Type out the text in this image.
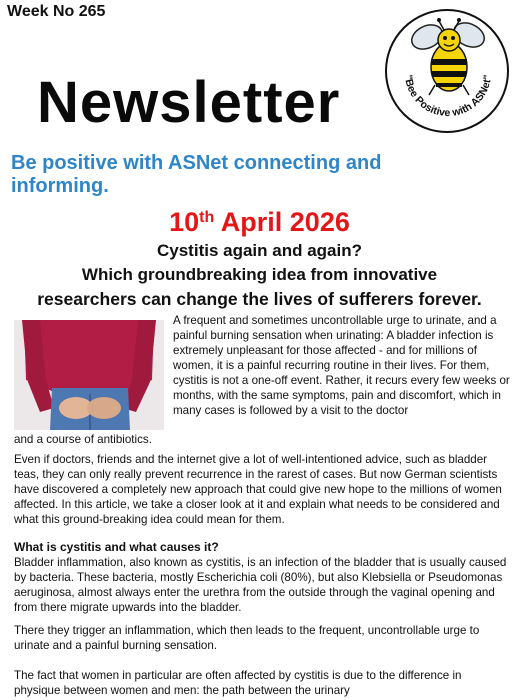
Week No 265
"Bee Positive with ASNet"
Newsletter
Be positive with ASNet connecting and informing.
10th April 2026
Cystitis again and again?
Which groundbreaking idea from innovative
researchers can change the lives of sufferers forever.

A frequent and sometimes uncontrollable urge to urinate, and a painful burning sensation when urinating: A bladder infection is extremely unpleasant for those affected - and for millions of women, it is a painful recurring routine in their lives. For them, cystitis is not a one-off event. Rather, it recurs every few weeks or months, with the same symptoms, pain and discomfort, which in many cases is followed by a visit to the doctor

and a course of antibiotics.

Even if doctors, friends and the internet give a lot of well-intentioned advice, such as bladder teas, they can only really prevent recurrence in the rarest of cases. But now German scientists have discovered a completely new approach that could give new hope to the millions of women affected. In this article, we take a closer look at it and explain what needs to be considered and what this ground-breaking idea could mean for them.

What is cystitis and what causes it?

Bladder inflammation, also known as cystitis, is an infection of the bladder that is usually caused by bacteria. These bacteria, mostly Escherichia coli (80%), but also Klebsiella or Pseudomonas aeruginosa, almost always enter the urethra from the outside through the vaginal opening and from there migrate upwards into the bladder.

There they trigger an inflammation, which then leads to the frequent, uncontrollable urge to urinate and a painful burning sensation.

The fact that women in particular are often affected by cystitis is due to the difference in physique between women and men: the path between the urinary
